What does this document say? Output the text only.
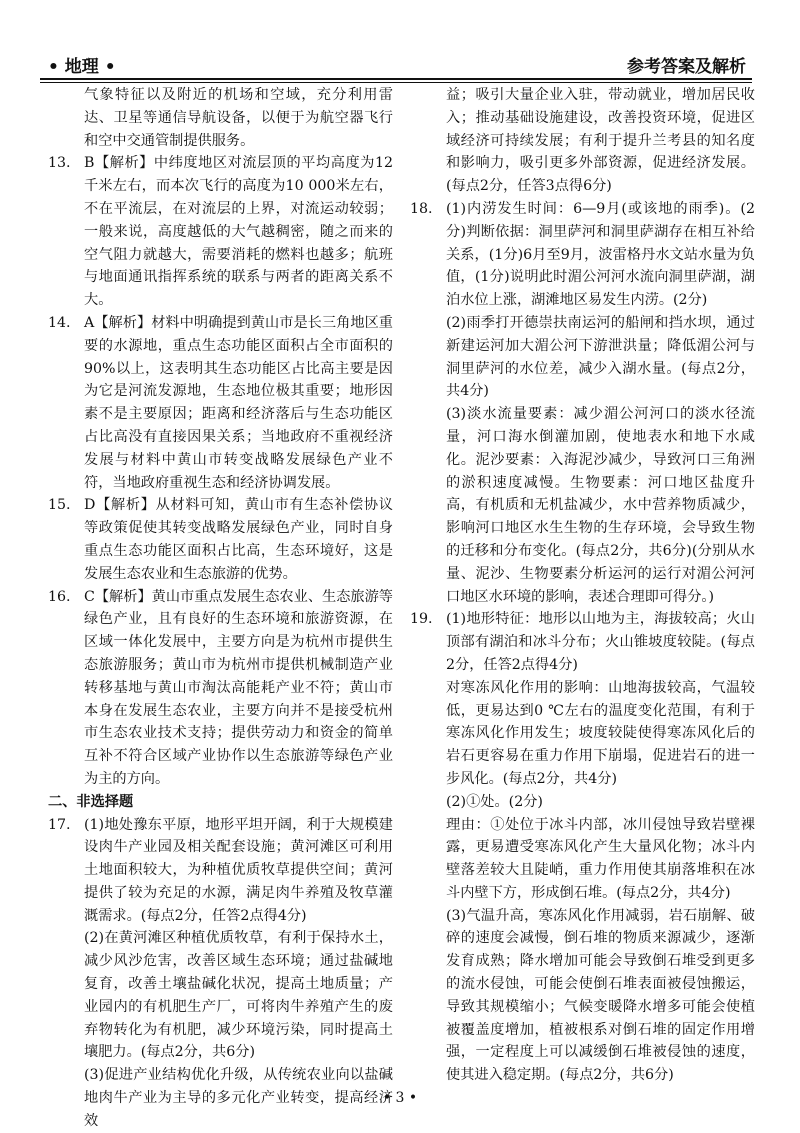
• 地理 •	参考答案及解析

气象特征以及附近的机场和空域，充分利用雷达、卫星等通信导航设备，以便于为航空器飞行和空中交通管制提供服务。

13. B【解析】中纬度地区对流层顶的平均高度为12千米左右，而本次飞行的高度为10 000米左右，不在平流层，在对流层的上界，对流运动较弱；一般来说，高度越低的大气越稠密，随之而来的空气阻力就越大，需要消耗的燃料也越多；航班与地面通讯指挥系统的联系与两者的距离关系不大。

14. A【解析】材料中明确提到黄山市是长三角地区重要的水源地，重点生态功能区面积占全市面积的90%以上，这表明其生态功能区占比高主要是因为它是河流发源地，生态地位极其重要；地形因素不是主要原因；距离和经济落后与生态功能区占比高没有直接因果关系；当地政府不重视经济发展与材料中黄山市转变战略发展绿色产业不符，当地政府重视生态和经济协调发展。

15. D【解析】从材料可知，黄山市有生态补偿协议等政策促使其转变战略发展绿色产业，同时自身重点生态功能区面积占比高，生态环境好，这是发展生态农业和生态旅游的优势。

16. C【解析】黄山市重点发展生态农业、生态旅游等绿色产业，且有良好的生态环境和旅游资源，在区域一体化发展中，主要方向是为杭州市提供生态旅游服务；黄山市为杭州市提供机械制造产业转移基地与黄山市淘汰高能耗产业不符；黄山市本身在发展生态农业，主要方向并不是接受杭州市生态农业技术支持；提供劳动力和资金的简单互补不符合区域产业协作以生态旅游等绿色产业为主的方向。

二、非选择题

17. (1)地处豫东平原，地形平坦开阔，利于大规模建设肉牛产业园及相关配套设施；黄河滩区可利用土地面积较大，为种植优质牧草提供空间；黄河提供了较为充足的水源，满足肉牛养殖及牧草灌溉需求。(每点2分，任答2点得4分)

(2)在黄河滩区种植优质牧草，有利于保持水土，减少风沙危害，改善区域生态环境；通过盐碱地复育，改善土壤盐碱化状况，提高土地质量；产业园内的有机肥生产厂，可将肉牛养殖产生的废弃物转化为有机肥，减少环境污染，同时提高土壤肥力。(每点2分，共6分)

(3)促进产业结构优化升级，从传统农业向以盐碱地肉牛产业为主导的多元化产业转变，提高经济效

益；吸引大量企业入驻，带动就业，增加居民收入；推动基础设施建设，改善投资环境，促进区域经济可持续发展；有利于提升兰考县的知名度和影响力，吸引更多外部资源，促进经济发展。(每点2分，任答3点得6分)

18. (1)内涝发生时间：6—9月(或该地的雨季)。(2分)判断依据：洞里萨河和洞里萨湖存在相互补给关系，(1分)6月至9月，波雷格丹水文站水量为负值，(1分)说明此时湄公河河水流向洞里萨湖，湖泊水位上涨，湖滩地区易发生内涝。(2分)

(2)雨季打开德崇扶南运河的船闸和挡水坝，通过新建运河加大湄公河下游泄洪量；降低湄公河与洞里萨河的水位差，减少入湖水量。(每点2分，共4分)

(3)淡水流量要素：减少湄公河河口的淡水径流量，河口海水倒灌加剧，使地表水和地下水咸化。泥沙要素：入海泥沙减少，导致河口三角洲的淤积速度减慢。生物要素：河口地区盐度升高，有机质和无机盐减少，水中营养物质减少，影响河口地区水生生物的生存环境，会导致生物的迁移和分布变化。(每点2分，共6分)(分别从水量、泥沙、生物要素分析运河的运行对湄公河河口地区水环境的影响，表述合理即可得分。)

19. (1)地形特征：地形以山地为主，海拔较高；火山顶部有湖泊和冰斗分布；火山锥坡度较陡。(每点2分，任答2点得4分)

对寒冻风化作用的影响：山地海拔较高，气温较低，更易达到0 ℃左右的温度变化范围，有利于寒冻风化作用发生；坡度较陡使得寒冻风化后的岩石更容易在重力作用下崩塌，促进岩石的进一步风化。(每点2分，共4分)

(2)①处。(2分)

理由：①处位于冰斗内部，冰川侵蚀导致岩壁裸露，更易遭受寒冻风化产生大量风化物；冰斗内壁落差较大且陡峭，重力作用使其崩落堆积在冰斗内壁下方，形成倒石堆。(每点2分，共4分)

(3)气温升高，寒冻风化作用减弱，岩石崩解、破碎的速度会减慢，倒石堆的物质来源减少，逐渐发育成熟；降水增加可能会导致倒石堆受到更多的流水侵蚀，可能会使倒石堆表面被侵蚀搬运，导致其规模缩小；气候变暖降水增多可能会使植被覆盖度增加，植被根系对倒石堆的固定作用增强，一定程度上可以减缓倒石堆被侵蚀的速度，使其进入稳定期。(每点2分，共6分)

• 3 •
